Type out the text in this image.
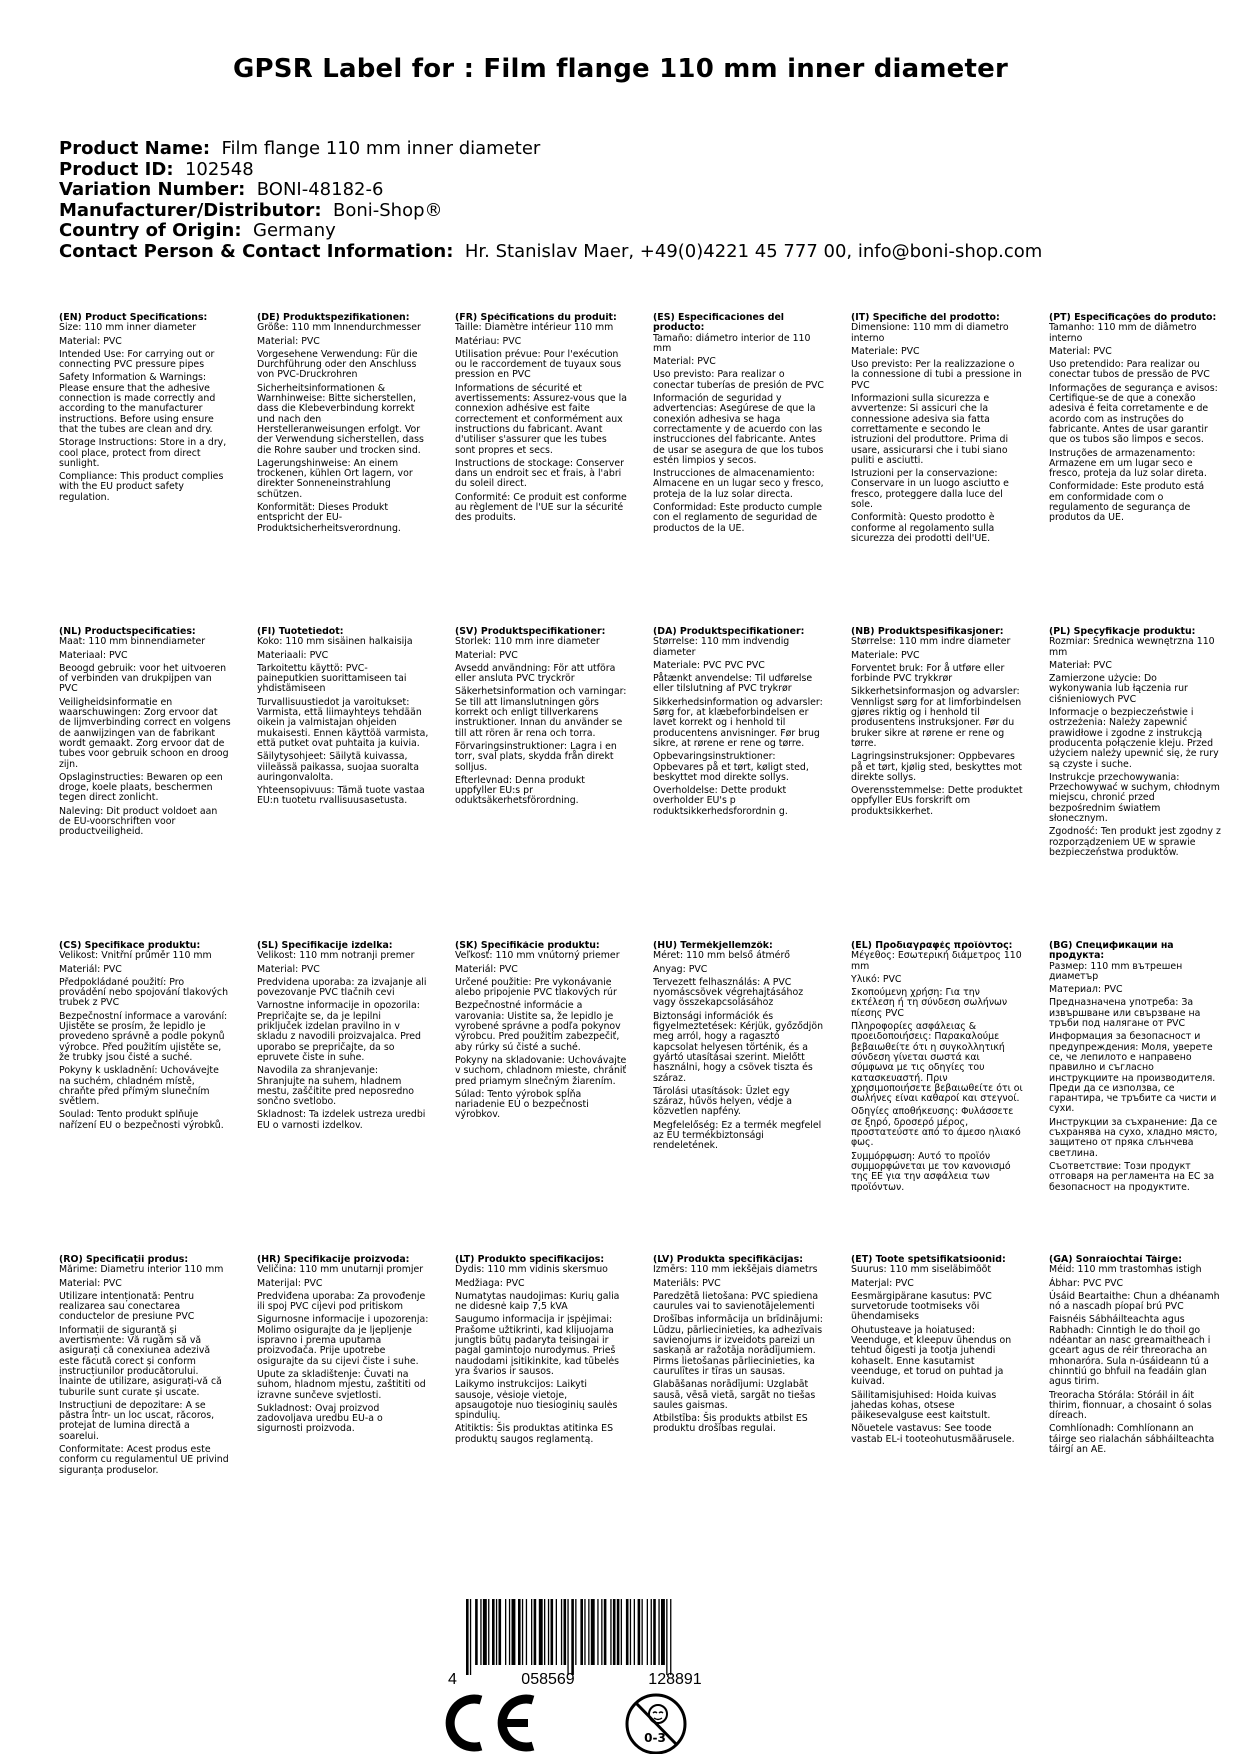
GPSR Label for : Film flange 110 mm inner diameter
Product Name: Film flange 110 mm inner diameter
Product ID: 102548
Variation Number: BONI-48182-6
Manufacturer/Distributor: Boni-Shop®
Country of Origin: Germany
Contact Person & Contact Information: Hr. Stanislav Maer, +49(0)4221 45 777 00, info@boni-shop.com
(EN) Product Specifications:
Size: 110 mm inner diameter
Material: PVC
Intended Use: For carrying out or connecting PVC pressure pipes
Safety Information & Warnings: Please ensure that the adhesive connection is made correctly and according to the manufacturer instructions. Before using ensure that the tubes are clean and dry.
Storage Instructions: Store in a dry, cool place, protect from direct sunlight.
Compliance: This product complies with the EU product safety regulation.
(DE) Produktspezifikationen:
Größe: 110 mm Innendurchmesser
Material: PVC
Vorgesehene Verwendung: Für die Durchführung oder den Anschluss von PVC-Druckrohren
Sicherheitsinformationen & Warnhinweise: Bitte sicherstellen, dass die Klebeverbindung korrekt und nach den Herstelleranweisungen erfolgt. Vor der Verwendung sicherstellen, dass die Rohre sauber und trocken sind.
Lagerungshinweise: An einem trockenen, kühlen Ort lagern, vor direkter Sonneneinstrahlung schützen.
Konformität: Dieses Produkt entspricht der EU-Produktsicherheitsverordnung.
(FR) Spécifications du produit:
Taille: Diamètre intérieur 110 mm
Matériau: PVC
Utilisation prévue: Pour l'exécution ou le raccordement de tuyaux sous pression en PVC
Informations de sécurité et avertissements: Assurez-vous que la connexion adhésive est faite correctement et conformément aux instructions du fabricant. Avant d'utiliser s'assurer que les tubes sont propres et secs.
Instructions de stockage: Conserver dans un endroit sec et frais, à l'abri du soleil direct.
Conformité: Ce produit est conforme au règlement de l'UE sur la sécurité des produits.
(ES) Especificaciones del producto:
Tamaño: diámetro interior de 110 mm
Material: PVC
Uso previsto: Para realizar o conectar tuberías de presión de PVC
Información de seguridad y advertencias: Asegúrese de que la conexión adhesiva se haga correctamente y de acuerdo con las instrucciones del fabricante. Antes de usar se asegura de que los tubos estén limpios y secos.
Instrucciones de almacenamiento: Almacene en un lugar seco y fresco, proteja de la luz solar directa.
Conformidad: Este producto cumple con el reglamento de seguridad de productos de la UE.
(IT) Specifiche del prodotto:
Dimensione: 110 mm di diametro interno
Materiale: PVC
Uso previsto: Per la realizzazione o la connessione di tubi a pressione in PVC
Informazioni sulla sicurezza e avvertenze: Si assicuri che la connessione adesiva sia fatta correttamente e secondo le istruzioni del produttore. Prima di usare, assicurarsi che i tubi siano puliti e asciutti.
Istruzioni per la conservazione: Conservare in un luogo asciutto e fresco, proteggere dalla luce del sole.
Conformità: Questo prodotto è conforme al regolamento sulla sicurezza dei prodotti dell'UE.
(PT) Especificações do produto:
Tamanho: 110 mm de diâmetro interno
Material: PVC
Uso pretendido: Para realizar ou conectar tubos de pressão de PVC
Informações de segurança e avisos: Certifique-se de que a conexão adesiva é feita corretamente e de acordo com as instruções do fabricante. Antes de usar garantir que os tubos são limpos e secos.
Instruções de armazenamento: Armazene em um lugar seco e fresco, proteja da luz solar direta.
Conformidade: Este produto está em conformidade com o regulamento de segurança de produtos da UE.
(NL) Productspecificaties:
Maat: 110 mm binnendiameter
Materiaal: PVC
Beoogd gebruik: voor het uitvoeren of verbinden van drukpijpen van PVC
Veiligheidsinformatie en waarschuwingen: Zorg ervoor dat de lijmverbinding correct en volgens de aanwijzingen van de fabrikant wordt gemaakt. Zorg ervoor dat de tubes voor gebruik schoon en droog zijn.
Opslaginstructies: Bewaren op een droge, koele plaats, beschermen tegen direct zonlicht.
Naleving: Dit product voldoet aan de EU-voorschriften voor productveiligheid.
(FI) Tuotetiedot:
Koko: 110 mm sisäinen halkaisija
Materiaali: PVC
Tarkoitettu käyttö: PVC-paineputkien suorittamiseen tai yhdistämiseen
Turvallisuustiedot ja varoitukset: Varmista, että liimayhteys tehdään oikein ja valmistajan ohjeiden mukaisesti. Ennen käyttöä varmista, että putket ovat puhtaita ja kuivia.
Säilytysohjeet: Säilytä kuivassa, viileässä paikassa, suojaa suoralta auringonvalolta.
Yhteensopivuus: Tämä tuote vastaa EU:n tuotetu rvallisuusasetusta.
(SV) Produktspecifikationer:
Storlek: 110 mm inre diameter
Material: PVC
Avsedd användning: För att utföra eller ansluta PVC tryckrör
Säkerhetsinformation och varningar: Se till att limanslutningen görs korrekt och enligt tillverkarens instruktioner. Innan du använder se till att rören är rena och torra.
Förvaringsinstruktioner: Lagra i en torr, sval plats, skydda från direkt solljus.
Efterlevnad: Denna produkt uppfyller EU:s pr oduktsäkerhetsförordning.
(DA) Produktspecifikationer:
Størrelse: 110 mm indvendig diameter
Materiale: PVC PVC PVC
Påtænkt anvendelse: Til udførelse eller tilslutning af PVC trykrør
Sikkerhedsinformation og advarsler: Sørg for, at klæbeforbindelsen er lavet korrekt og i henhold til producentens anvisninger. Før brug sikre, at rørene er rene og tørre.
Opbevaringsinstruktioner: Opbevares på et tørt, køligt sted, beskyttet mod direkte sollys.
Overholdelse: Dette produkt overholder EU's p roduktsikkerhedsforordnin g.
(NB) Produktspesifikasjoner:
Størrelse: 110 mm indre diameter
Materiale: PVC
Forventet bruk: For å utføre eller forbinde PVC trykkrør
Sikkerhetsinformasjon og advarsler: Vennligst sørg for at limforbindelsen gjøres riktig og i henhold til produsentens instruksjoner. Før du bruker sikre at rørene er rene og tørre.
Lagringsinstruksjoner: Oppbevares på et tørt, kjølig sted, beskyttes mot direkte sollys.
Overensstemmelse: Dette produktet oppfyller EUs forskrift om produktsikkerhet.
(PL) Specyfikacje produktu:
Rozmiar: Średnica wewnętrzna 110 mm
Materiał: PVC
Zamierzone użycie: Do wykonywania lub łączenia rur ciśnieniowych PVC
Informacje o bezpieczeństwie i ostrzeżenia: Należy zapewnić prawidłowe i zgodne z instrukcją producenta połączenie kleju. Przed użyciem należy upewnić się, że rury są czyste i suche.
Instrukcje przechowywania: Przechowywać w suchym, chłodnym miejscu, chronić przed bezpośrednim światłem słonecznym.
Zgodność: Ten produkt jest zgodny z rozporządzeniem UE w sprawie bezpieczeństwa produktów.
(CS) Specifikace produktu:
Velikost: Vnitřní průměr 110 mm
Materiál: PVC
Předpokládané použití: Pro provádění nebo spojování tlakových trubek z PVC
Bezpečnostní informace a varování: Ujistěte se prosím, že lepidlo je provedeno správně a podle pokynů výrobce. Před použitím ujistěte se, že trubky jsou čisté a suché.
Pokyny k uskladnění: Uchovávejte na suchém, chladném místě, chraňte před přímým slunečním světlem.
Soulad: Tento produkt splňuje nařízení EU o bezpečnosti výrobků.
(SL) Specifikacije izdelka:
Velikost: 110 mm notranji premer
Material: PVC
Predvidena uporaba: za izvajanje ali povezovanje PVC tlačnih cevi
Varnostne informacije in opozorila: Prepričajte se, da je lepilni priključek izdelan pravilno in v skladu z navodili proizvajalca. Pred uporabo se prepričajte, da so epruvete čiste in suhe.
Navodila za shranjevanje: Shranjujte na suhem, hladnem mestu, zaščitite pred neposredno sončno svetlobo.
Skladnost: Ta izdelek ustreza uredbi EU o varnosti izdelkov.
(SK) Špecifikácie produktu:
Veľkosť: 110 mm vnútorný priemer
Materiál: PVC
Určené použitie: Pre vykonávanie alebo pripojenie PVC tlakových rúr
Bezpečnostné informácie a varovania: Uistite sa, že lepidlo je vyrobené správne a podľa pokynov výrobcu. Pred použitím zabezpečiť, aby rúrky sú čisté a suché.
Pokyny na skladovanie: Uchovávajte v suchom, chladnom mieste, chrániť pred priamym slnečným žiarením.
Súlad: Tento výrobok spĺňa nariadenie EÚ o bezpečnosti výrobkov.
(HU) Termékjellemzők:
Méret: 110 mm belső átmérő
Anyag: PVC
Tervezett felhasználás: A PVC nyomáscsövek végrehajtásához vagy összekapcsolásához
Biztonsági információk és figyelmeztetések: Kérjük, győződjön meg arról, hogy a ragasztó kapcsolat helyesen történik, és a gyártó utasításai szerint. Mielőtt használni, hogy a csövek tiszta és száraz.
Tárolási utasítások: Üzlet egy száraz, hűvös helyen, védje a közvetlen napfény.
Megfelelőség: Ez a termék megfelel az EU termékbiztonsági rendeletének.
(EL) Προδιαγραφές προϊόντος:
Μέγεθος: Εσωτερική διάμετρος 110 mm
Υλικό: PVC
Σκοπούμενη χρήση: Για την εκτέλεση ή τη σύνδεση σωλήνων πίεσης PVC
Πληροφορίες ασφάλειας & προειδοποιήσεις: Παρακαλούμε βεβαιωθείτε ότι η συγκολλητική σύνδεση γίνεται σωστά και σύμφωνα με τις οδηγίες του κατασκευαστή. Πριν χρησιμοποιήσετε βεβαιωθείτε ότι οι σωλήνες είναι καθαροί και στεγνοί.
Οδηγίες αποθήκευσης: Φυλάσσετε σε ξηρό, δροσερό μέρος, προστατεύστε από το άμεσο ηλιακό φως.
Συμμόρφωση: Αυτό το προϊόν συμμορφώνεται με τον κανονισμό της ΕΕ για την ασφάλεια των προϊόντων.
(BG) Спецификации на продукта:
Размер: 110 mm вътрешен диаметър
Материал: PVC
Предназначена употреба: За извършване или свързване на тръби под налягане от PVC
Информация за безопасност и предупреждения: Моля, уверете се, че лепилото е направено правилно и съгласно инструкциите на производителя. Преди да се използва, се гарантира, че тръбите са чисти и сухи.
Инструкции за съхранение: Да се съхранява на сухо, хладно място, защитено от пряка слънчева светлина.
Съответствие: Този продукт отговаря на регламента на ЕС за безопасност на продуктите.
(RO) Specificații produs:
Mărime: Diametru interior 110 mm
Material: PVC
Utilizare intenționată: Pentru realizarea sau conectarea conductelor de presiune PVC
Informații de siguranță și avertismente: Vă rugăm să vă asigurați că conexiunea adezivă este făcută corect și conform instrucțiunilor producătorului. Înainte de utilizare, asigurați-vă că tuburile sunt curate și uscate.
Instrucțiuni de depozitare: A se păstra într- un loc uscat, răcoros, protejat de lumina directă a soarelui.
Conformitate: Acest produs este conform cu regulamentul UE privind siguranța produselor.
(HR) Specifikacije proizvoda:
Veličina: 110 mm unutarnji promjer
Materijal: PVC
Predviđena uporaba: Za provođenje ili spoj PVC cijevi pod pritiskom
Sigurnosne informacije i upozorenja: Molimo osigurajte da je ljepljenje ispravno i prema uputama proizvođača. Prije upotrebe osigurajte da su cijevi čiste i suhe.
Upute za skladištenje: Čuvati na suhom, hladnom mjestu, zaštititi od izravne sunčeve svjetlosti.
Sukladnost: Ovaj proizvod zadovoljava uredbu EU-a o sigurnosti proizvoda.
(LT) Produkto specifikacijos:
Dydis: 110 mm vidinis skersmuo
Medžiaga: PVC
Numatytas naudojimas: Kurių galia ne didesnė kaip 7,5 kVA
Saugumo informacija ir įspėjimai: Prašome užtikrinti, kad klijuojama jungtis būtų padaryta teisingai ir pagal gamintojo nurodymus. Prieš naudodami įsitikinkite, kad tūbelės yra švarios ir sausos.
Laikymo instrukcijos: Laikyti sausoje, vėsioje vietoje, apsaugotoje nuo tiesioginių saulės spindulių.
Atitiktis: Šis produktas atitinka ES produktų saugos reglamentą.
(LV) Produkta specifikācijas:
Izmērs: 110 mm iekšējais diametrs
Materiāls: PVC
Paredzētā lietošana: PVC spiediena caurules vai to savienotājelementi
Drošības informācija un brīdinājumi: Lūdzu, pārliecinieties, ka adhezīvais savienojums ir izveidots pareizi un saskaņā ar ražotāja norādījumiem. Pirms lietošanas pārliecinieties, ka caurulītes ir tīras un sausas.
Glabāšanas norādījumi: Uzglabāt sausā, vēsā vietā, sargāt no tiešas saules gaismas.
Atbilstība: Šis produkts atbilst ES produktu drošības regulai.
(ET) Toote spetsifikatsioonid:
Suurus: 110 mm siseläbimõõt
Materjal: PVC
Eesmärgipärane kasutus: PVC survetorude tootmiseks või ühendamiseks
Ohutusteave ja hoiatused: Veenduge, et kleepuv ühendus on tehtud õigesti ja tootja juhendi kohaselt. Enne kasutamist veenduge, et torud on puhtad ja kuivad.
Säilitamisjuhised: Hoida kuivas jahedas kohas, otsese päikesevalguse eest kaitstult.
Nõuetele vastavus: See toode vastab EL-i tooteohutusmäärusele.
(GA) Sonraíochtaí Táirge:
Méid: 110 mm trastomhas istigh
Ábhar: PVC PVC
Úsáid Beartaithe: Chun a dhéanamh nó a nascadh píopaí brú PVC
Faisnéis Sábháilteachta agus Rabhadh: Cinntigh le do thoil go ndéantar an nasc greamaitheach i gceart agus de réir threoracha an mhonaróra. Sula n-úsáideann tú a chinntiú go bhfuil na feadáin glan agus tirim.
Treoracha Stórála: Stóráil in áit thirim, fionnuar, a chosaint ó solas díreach.
Comhlíonadh: Comhlíonann an táirge seo rialachán sábháilteachta táirgí an AE.
4	058569	128891
0-3
